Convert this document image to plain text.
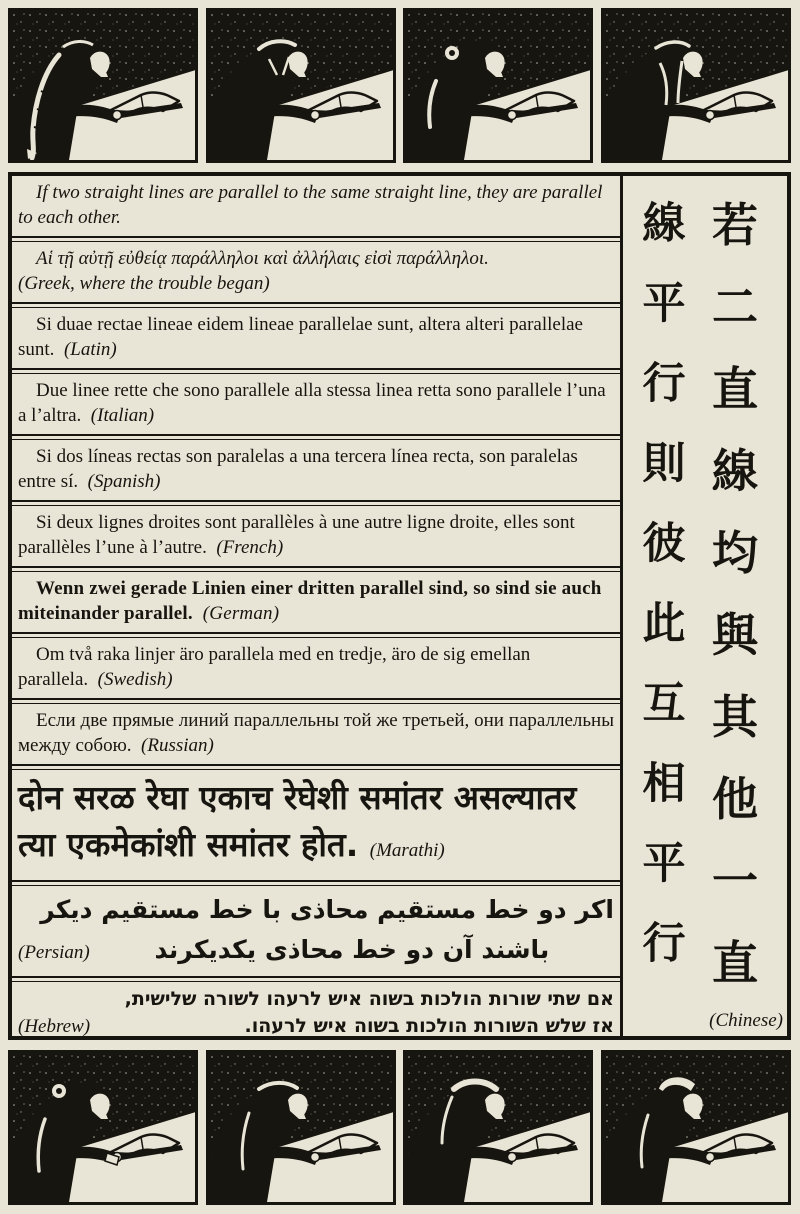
If two straight lines are parallel to the same straight line, they are parallel to each other.

Αἱ τῇ αὐτῇ εὐθείᾳ παράλληλοι καὶ ἀλλήλαις εἰσὶ παράλληλοι.
(Greek, where the trouble began)

Si duae rectae lineae eidem lineae parallelae sunt, altera alteri parallelae sunt. (Latin)

Due linee rette che sono parallele alla stessa linea retta sono parallele l’una a l’altra. (Italian)

Si dos líneas rectas son paralelas a una tercera línea recta, son paralelas entre sí. (Spanish)

Si deux lignes droites sont parallèles à une autre ligne droite, elles sont parallèles l’une à l’autre. (French)

Wenn zwei gerade Linien einer dritten parallel sind, so sind sie auch miteinander parallel. (German)

Om två raka linjer äro parallela med en tredje, äro de sig emellan parallela. (Swedish)

Если две прямые линий параллельны той же третьей, они параллельны между собою. (Russian)

दोन सरळ रेघा एकाच रेघेशी समांतर असल्यातर

त्या एकमेकांशी समांतर होत. (Marathi)

اكر دو خط مستقيم محاذى با خط مستقيم ديكر

(Persian)	باشند آن دو خط محاذى يكديكرند

אם שתי שורות הולכות בשוה איש לרעהו לשורה שלישית,

(Hebrew)	אז שלש השורות הולכות בשוה איש לרעהו.

若
二
直
線
均
與
其
他
一
直
線
平
行
則
彼
此
互
相
平
行
(Chinese)
